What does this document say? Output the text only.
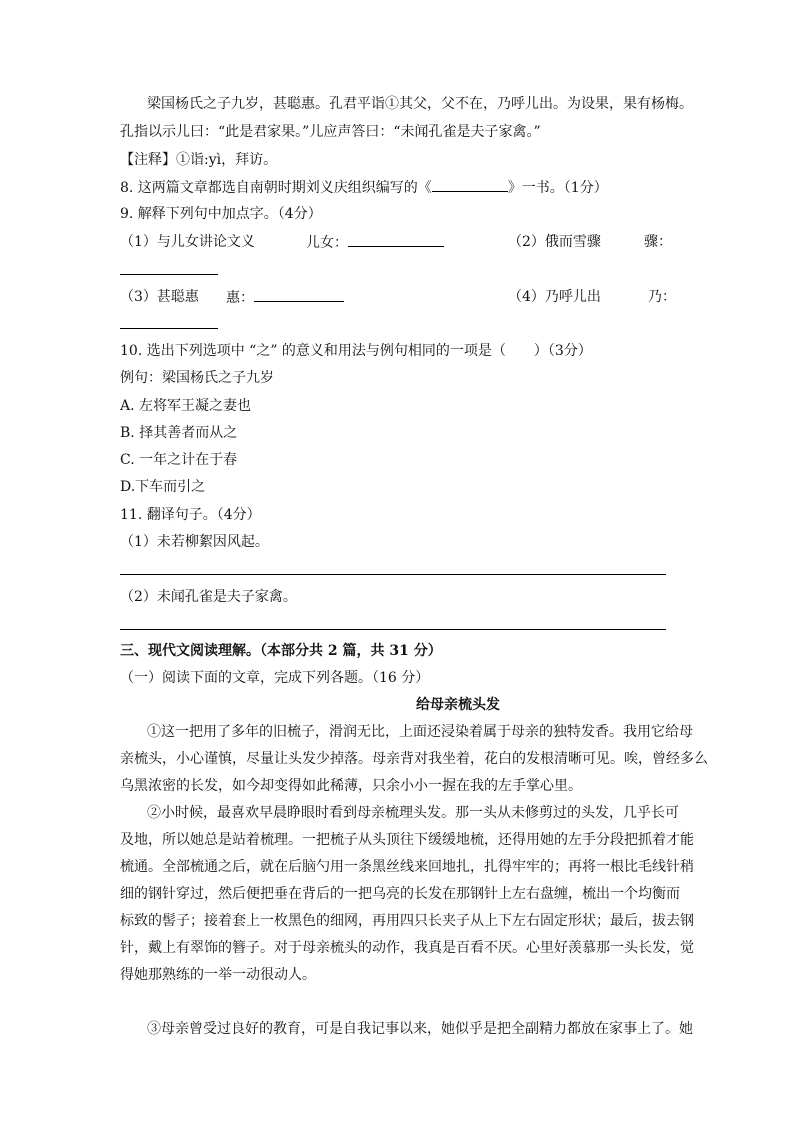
梁国杨氏之子九岁，甚聪惠。孔君平诣①其父，父不在，乃呼儿出。为设果，果有杨梅。
孔指以示儿曰：“此是君家果。”儿应声答曰：“未闻孔雀是夫子家禽。”
【注释】①诣:yì，拜访。
8. 这两篇文章都选自南朝时期刘义庆组织编写的《	》一书。（1分）
9. 解释下列句中加点字。（4分）
（1）与儿女讲论文义	儿女：	（2）俄而雪骤	骤：
（3）甚聪惠 惠：	（4）乃呼儿出	乃：
10. 选出下列选项中 “之” 的意义和用法与例句相同的一项是（　　）（3分）
例句：梁国杨氏之子九岁
A. 左将军王凝之妻也
B. 择其善者而从之
C. 一年之计在于春
D.下车而引之
11. 翻译句子。（4分）
（1）未若柳絮因风起。
（2）未闻孔雀是夫子家禽。
三、现代文阅读理解。（本部分共 2 篇，共 31 分）
（一）阅读下面的文章，完成下列各题。（16 分）
给母亲梳头发
①这一把用了多年的旧梳子，滑润无比，上面还浸染着属于母亲的独特发香。我用它给母
亲梳头，小心谨慎，尽量让头发少掉落。母亲背对我坐着，花白的发根清晰可见。唉，曾经多么
乌黑浓密的长发，如今却变得如此稀薄，只余小小一握在我的左手掌心里。
②小时候，最喜欢早晨睁眼时看到母亲梳理头发。那一头从未修剪过的头发，几乎长可
及地，所以她总是站着梳理。一把梳子从头顶往下缓缓地梳，还得用她的左手分段把抓着才能
梳通。全部梳通之后，就在后脑勺用一条黑丝线来回地扎，扎得牢牢的；再将一根比毛线针稍
细的钢针穿过，然后便把垂在背后的一把乌亮的长发在那钢针上左右盘缠，梳出一个均衡而
标致的髻子；接着套上一枚黑色的细网，再用四只长夹子从上下左右固定形状；最后，拔去钢
针，戴上有翠饰的簪子。对于母亲梳头的动作，我真是百看不厌。心里好羡慕那一头长发，觉
得她那熟练的一举一动很动人。
③母亲曾受过良好的教育，可是自我记事以来，她似乎是把全副精力都放在家事上了。她
